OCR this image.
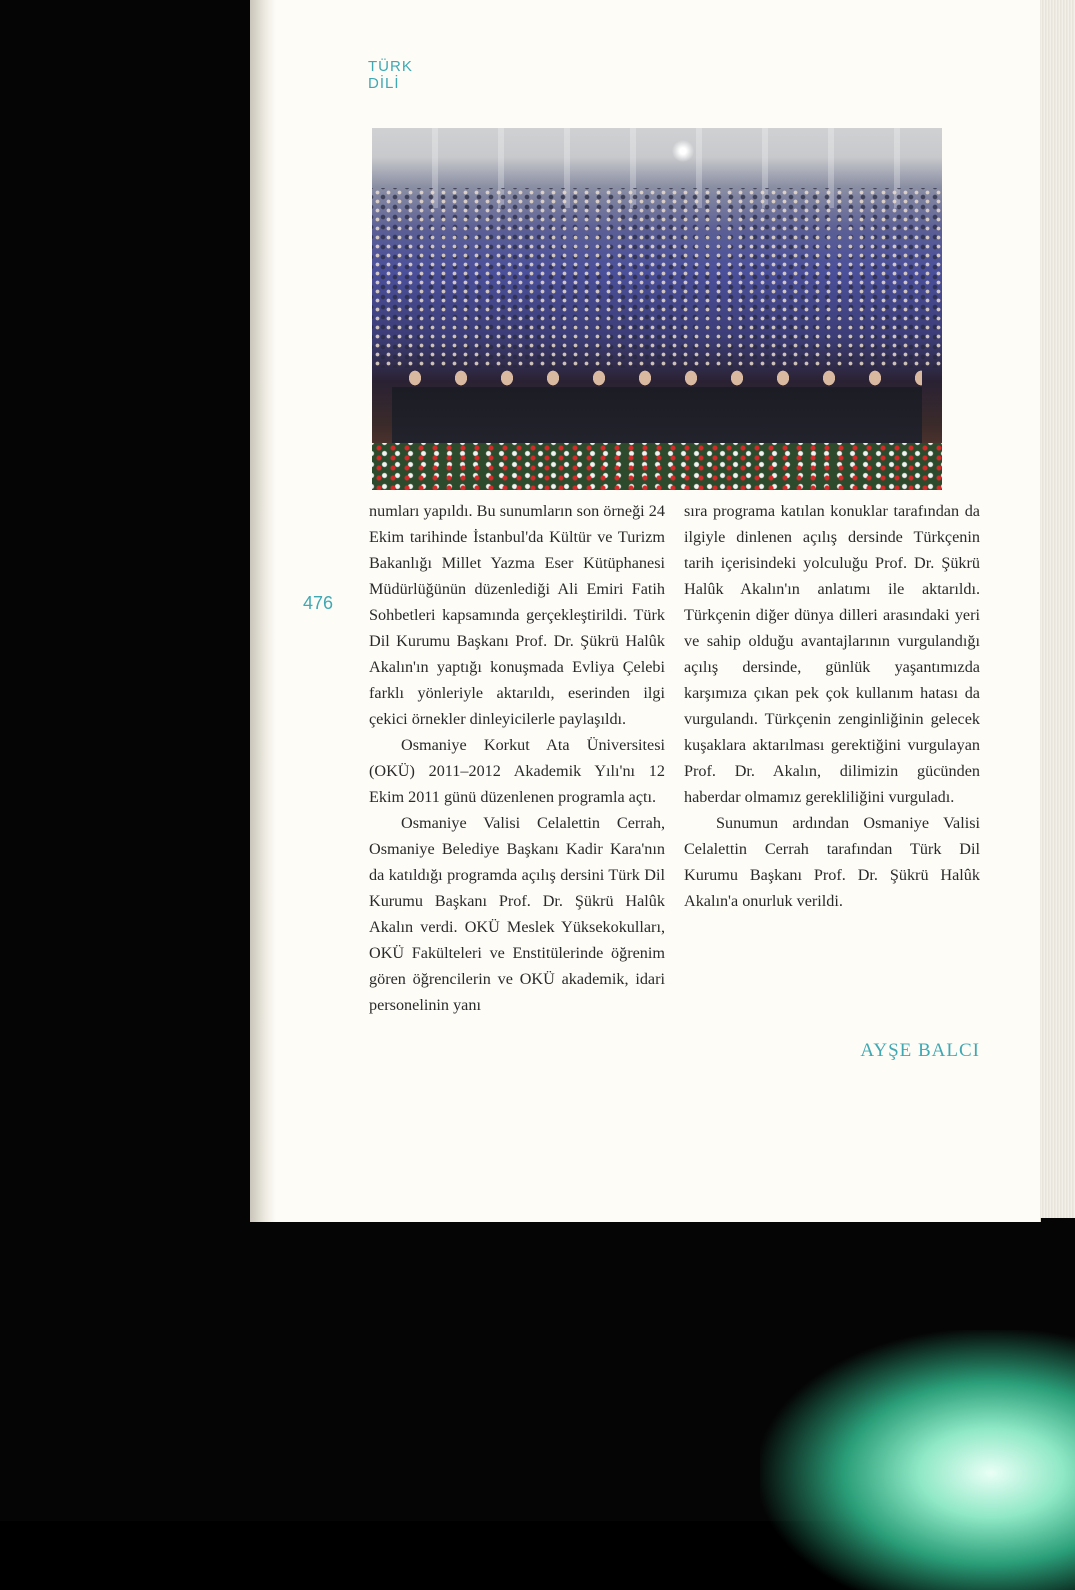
TÜRK
DİLİ
476

numları yapıldı. Bu sunumların son örneği 24 Ekim tarihinde İstanbul'da Kültür ve Turizm Bakanlığı Millet Yazma Eser Kütüphanesi Müdürlüğünün düzenlediği Ali Emiri Fatih Sohbetleri kapsamında gerçekleştirildi. Türk Dil Kurumu Başkanı Prof. Dr. Şükrü Halûk Akalın'ın yaptığı konuşmada Evliya Çelebi farklı yönleriyle aktarıldı, eserinden ilgi çekici örnekler dinleyicilerle paylaşıldı.

Osmaniye Korkut Ata Üniversitesi (OKÜ) 2011–2012 Akademik Yılı'nı 12 Ekim 2011 günü düzenlenen programla açtı.

Osmaniye Valisi Celalettin Cerrah, Osmaniye Belediye Başkanı Kadir Kara'nın da katıldığı programda açılış dersini Türk Dil Kurumu Başkanı Prof. Dr. Şükrü Halûk Akalın verdi. OKÜ Meslek Yüksekokulları, OKÜ Fakülteleri ve Enstitülerinde öğrenim gören öğrencilerin ve OKÜ akademik, idari personelinin yanı

sıra programa katılan konuklar tarafından da ilgiyle dinlenen açılış dersinde Türkçenin tarih içerisindeki yolculuğu Prof. Dr. Şükrü Halûk Akalın'ın anlatımı ile aktarıldı. Türkçenin diğer dünya dilleri arasındaki yeri ve sahip olduğu avantajlarının vurgulandığı açılış dersinde, günlük yaşantımızda karşımıza çıkan pek çok kullanım hatası da vurgulandı. Türkçenin zenginliğinin gelecek kuşaklara aktarılması gerektiğini vurgulayan Prof. Dr. Akalın, dilimizin gücünden haberdar olmamız gerekliliğini vurguladı.

Sunumun ardından Osmaniye Valisi Celalettin Cerrah tarafından Türk Dil Kurumu Başkanı Prof. Dr. Şükrü Halûk Akalın'a onurluk verildi.

AYŞE BALCI
